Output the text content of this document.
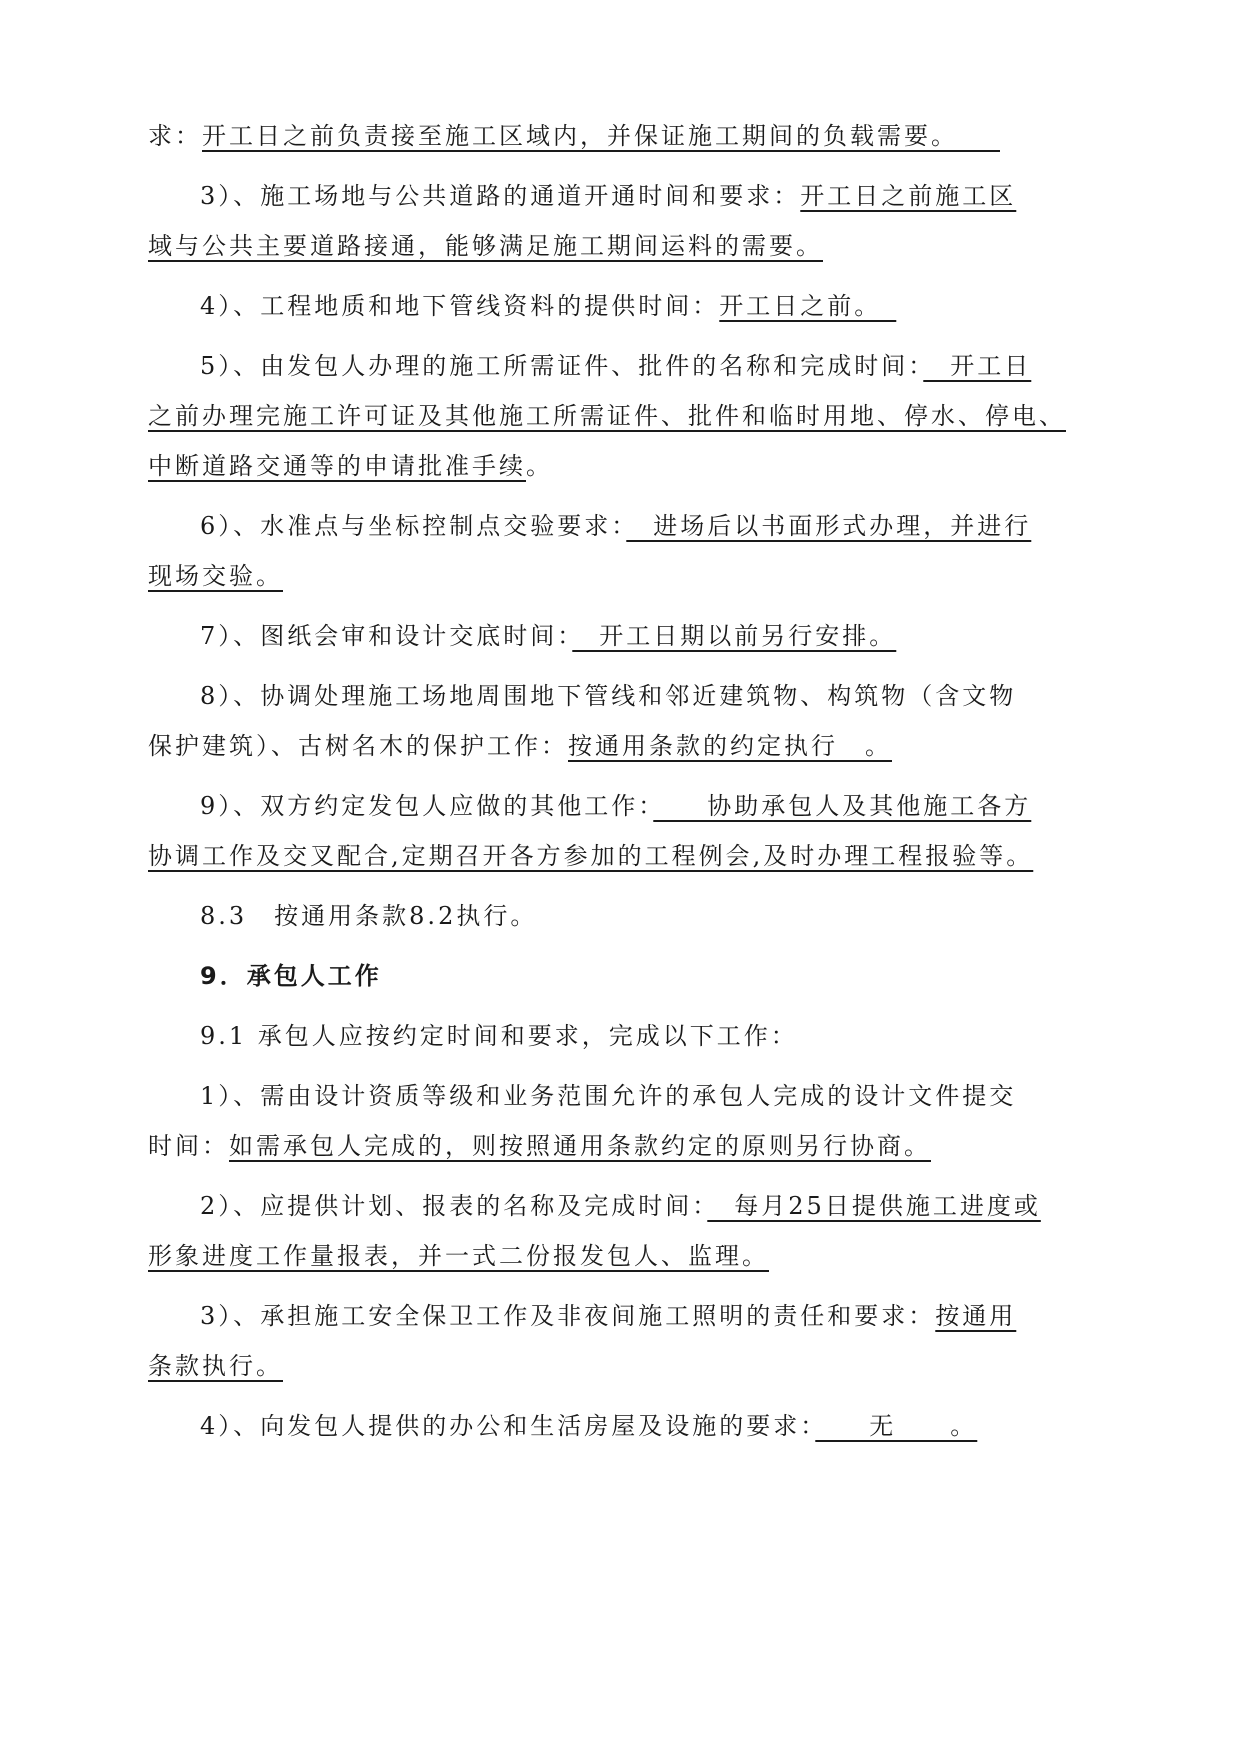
求：开工日之前负责接至施工区域内，并保证施工期间的负载需要。　　
3）、施工场地与公共道路的通道开通时间和要求：开工日之前施工区
域与公共主要道路接通，能够满足施工期间运料的需要。
4）、工程地质和地下管线资料的提供时间：开工日之前。　
5）、由发包人办理的施工所需证件、批件的名称和完成时间：　开工日
之前办理完施工许可证及其他施工所需证件、批件和临时用地、停水、停电、
中断道路交通等的申请批准手续。
6）、水准点与坐标控制点交验要求：　进场后以书面形式办理，并进行
现场交验。
7）、图纸会审和设计交底时间：　开工日期以前另行安排。
8）、协调处理施工场地周围地下管线和邻近建筑物、构筑物（含文物
保护建筑）、古树名木的保护工作：按通用条款的约定执行　。
9）、双方约定发包人应做的其他工作：　　协助承包人及其他施工各方
协调工作及交叉配合,定期召开各方参加的工程例会,及时办理工程报验等。
8.3　按通用条款8.2执行。
9．承包人工作
9.1 承包人应按约定时间和要求，完成以下工作：
1）、需由设计资质等级和业务范围允许的承包人完成的设计文件提交
时间：如需承包人完成的，则按照通用条款约定的原则另行协商。
2）、应提供计划、报表的名称及完成时间：　每月25日提供施工进度或
形象进度工作量报表，并一式二份报发包人、监理。
3）、承担施工安全保卫工作及非夜间施工照明的责任和要求：按通用
条款执行。
4）、向发包人提供的办公和生活房屋及设施的要求：　　无　　。
